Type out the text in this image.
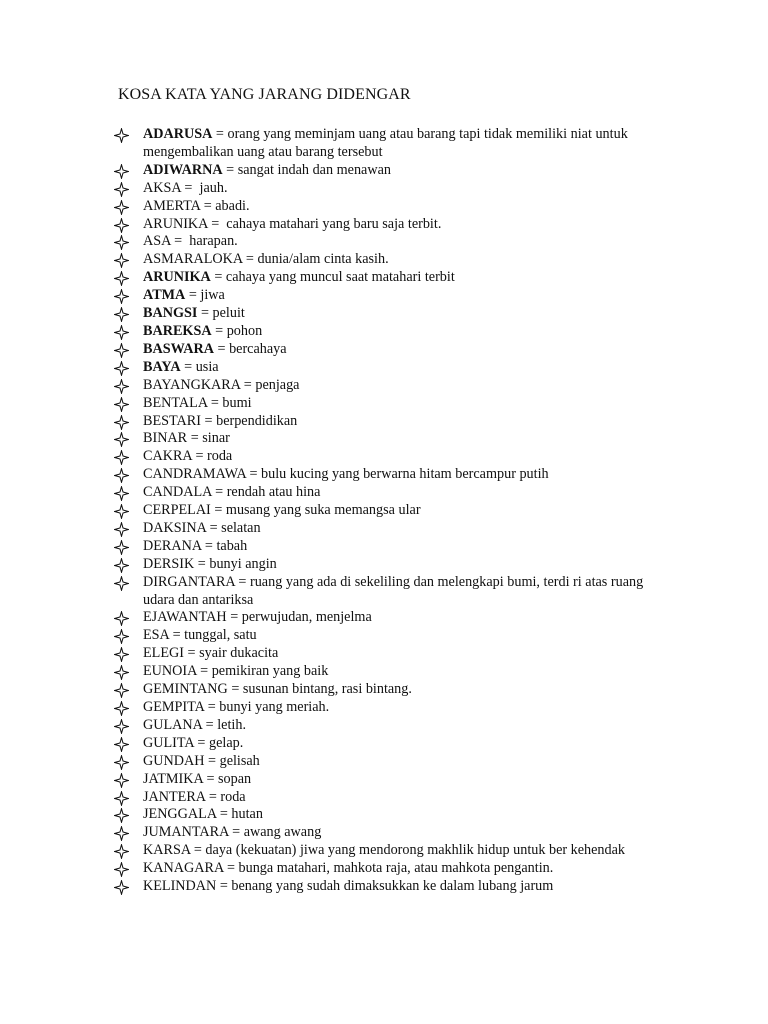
KOSA KATA YANG JARANG DIDENGAR
ADARUSA = orang yang meminjam uang atau barang tapi tidak memiliki niat untuk mengembalikan uang atau barang tersebut
ADIWARNA = sangat indah dan menawan
AKSA =  jauh.
AMERTA = abadi.
ARUNIKA =  cahaya matahari yang baru saja terbit.
ASA =  harapan.
ASMARALOKA = dunia/alam cinta kasih.
ARUNIKA = cahaya yang muncul saat matahari terbit
ATMA = jiwa
BANGSI = peluit
BAREKSA = pohon
BASWARA = bercahaya
BAYA = usia
BAYANGKARA = penjaga
BENTALA = bumi
BESTARI = berpendidikan
BINAR = sinar
CAKRA = roda
CANDRAMAWA = bulu kucing yang berwarna hitam bercampur putih
CANDALA = rendah atau hina
CERPELAI = musang yang suka memangsa ular
DAKSINA = selatan
DERANA = tabah
DERSIK = bunyi angin
DIRGANTARA = ruang yang ada di sekeliling dan melengkapi bumi, terdi ri atas ruang udara dan antariksa
EJAWANTAH = perwujudan, menjelma
ESA = tunggal, satu
ELEGI = syair dukacita
EUNOIA = pemikiran yang baik
GEMINTANG = susunan bintang, rasi bintang.
GEMPITA = bunyi yang meriah.
GULANA = letih.
GULITA = gelap.
GUNDAH = gelisah
JATMIKA = sopan
JANTERA = roda
JENGGALA = hutan
JUMANTARA = awang awang
KARSA = daya (kekuatan) jiwa yang mendorong makhlik hidup untuk ber kehendak
KANAGARA = bunga matahari, mahkota raja, atau mahkota pengantin.
KELINDAN = benang yang sudah dimaksukkan ke dalam lubang jarum
